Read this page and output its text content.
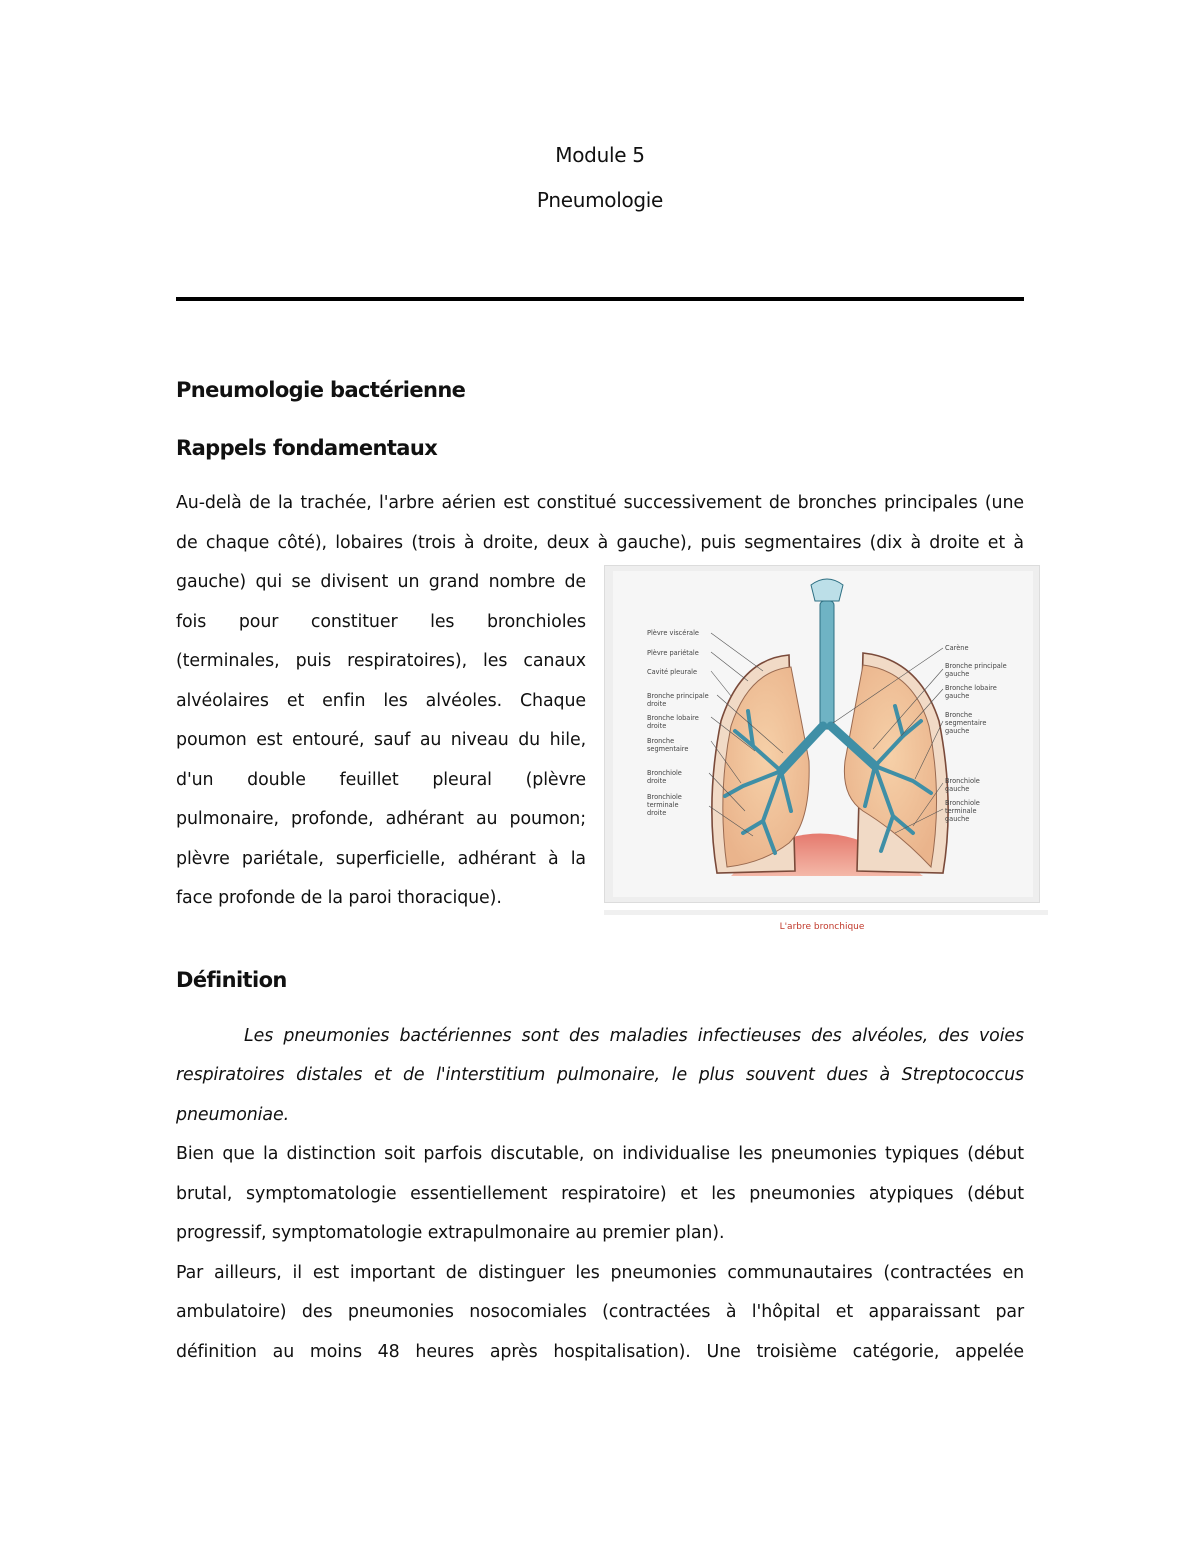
Module 5
Pneumologie
Pneumologie bactérienne
Rappels fondamentaux
Au-delà de la trachée, l'arbre aérien est constitué successivement de bronches principales (une
de chaque côté), lobaires (trois à droite, deux à gauche), puis segmentaires (dix à droite et à
gauche) qui se divisent un grand nombre de
fois pour constituer les bronchioles
(terminales, puis respiratoires), les canaux
alvéolaires et enfin les alvéoles. Chaque
poumon est entouré, sauf au niveau du hile,
d'un double feuillet pleural (plèvre
pulmonaire, profonde, adhérant au poumon;
plèvre pariétale, superficielle, adhérant à la
face profonde de la paroi thoracique).
Plèvre viscérale
Plèvre pariétale
Cavité pleurale
Bronche principale
droite
Bronche lobaire
droite
Bronche
segmentaire
Bronchiole
droite
Bronchiole
terminale
droite
Carène
Bronche principale
gauche
Bronche lobaire
gauche
Bronche
segmentaire
gauche
Bronchiole
gauche
Bronchiole
terminale
gauche
L'arbre bronchique
Définition
Les pneumonies bactériennes sont des maladies infectieuses des alvéoles, des voies
respiratoires distales et de l'interstitium pulmonaire, le plus souvent dues à Streptococcus
pneumoniae.
Bien que la distinction soit parfois discutable, on individualise les pneumonies typiques (début
brutal, symptomatologie essentiellement respiratoire) et les pneumonies atypiques (début
progressif, symptomatologie extrapulmonaire au premier plan).
Par ailleurs, il est important de distinguer les pneumonies communautaires (contractées en
ambulatoire) des pneumonies nosocomiales (contractées à l'hôpital et apparaissant par
définition au moins 48 heures après hospitalisation). Une troisième catégorie, appelée
